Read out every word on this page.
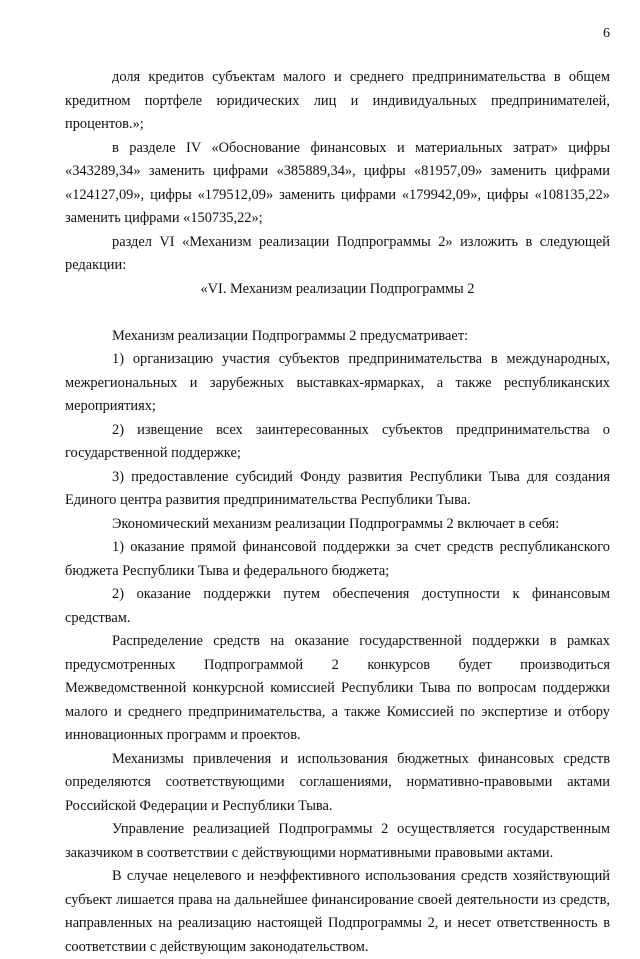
6

доля кредитов субъектам малого и среднего предпринимательства в общем кредитном портфеле юридических лиц и индивидуальных предпринимателей, процентов.»;

в разделе IV «Обоснование финансовых и материальных затрат» цифры «343289,34» заменить цифрами «385889,34», цифры «81957,09» заменить цифрами «124127,09», цифры «179512,09» заменить цифрами «179942,09», цифры «108135,22» заменить цифрами «150735,22»;

раздел VI «Механизм реализации Подпрограммы 2» изложить в следующей редакции:

«VI. Механизм реализации Подпрограммы 2

Механизм реализации Подпрограммы 2 предусматривает:

1) организацию участия субъектов предпринимательства в международных, межрегиональных и зарубежных выставках-ярмарках, а также республиканских мероприятиях;

2) извещение всех заинтересованных субъектов предпринимательства о государственной поддержке;

3) предоставление субсидий Фонду развития Республики Тыва для создания Единого центра развития предпринимательства Республики Тыва.

Экономический механизм реализации Подпрограммы 2 включает в себя:

1) оказание прямой финансовой поддержки за счет средств республиканского бюджета Республики Тыва и федерального бюджета;

2) оказание поддержки путем обеспечения доступности к финансовым средствам.

Распределение средств на оказание государственной поддержки в рамках предусмотренных Подпрограммой 2 конкурсов будет производиться Межведомственной конкурсной комиссией Республики Тыва по вопросам поддержки малого и среднего предпринимательства, а также Комиссией по экспертизе и отбору инновационных программ и проектов.

Механизмы привлечения и использования бюджетных финансовых средств определяются соответствующими соглашениями, нормативно-правовыми актами Российской Федерации и Республики Тыва.

Управление реализацией Подпрограммы 2 осуществляется государственным заказчиком в соответствии с действующими нормативными правовыми актами.

В случае нецелевого и неэффективного использования средств хозяйствующий субъект лишается права на дальнейшее финансирование своей деятельности из средств, направленных на реализацию настоящей Подпрограммы 2, и несет ответственность в соответствии с действующим законодательством.
